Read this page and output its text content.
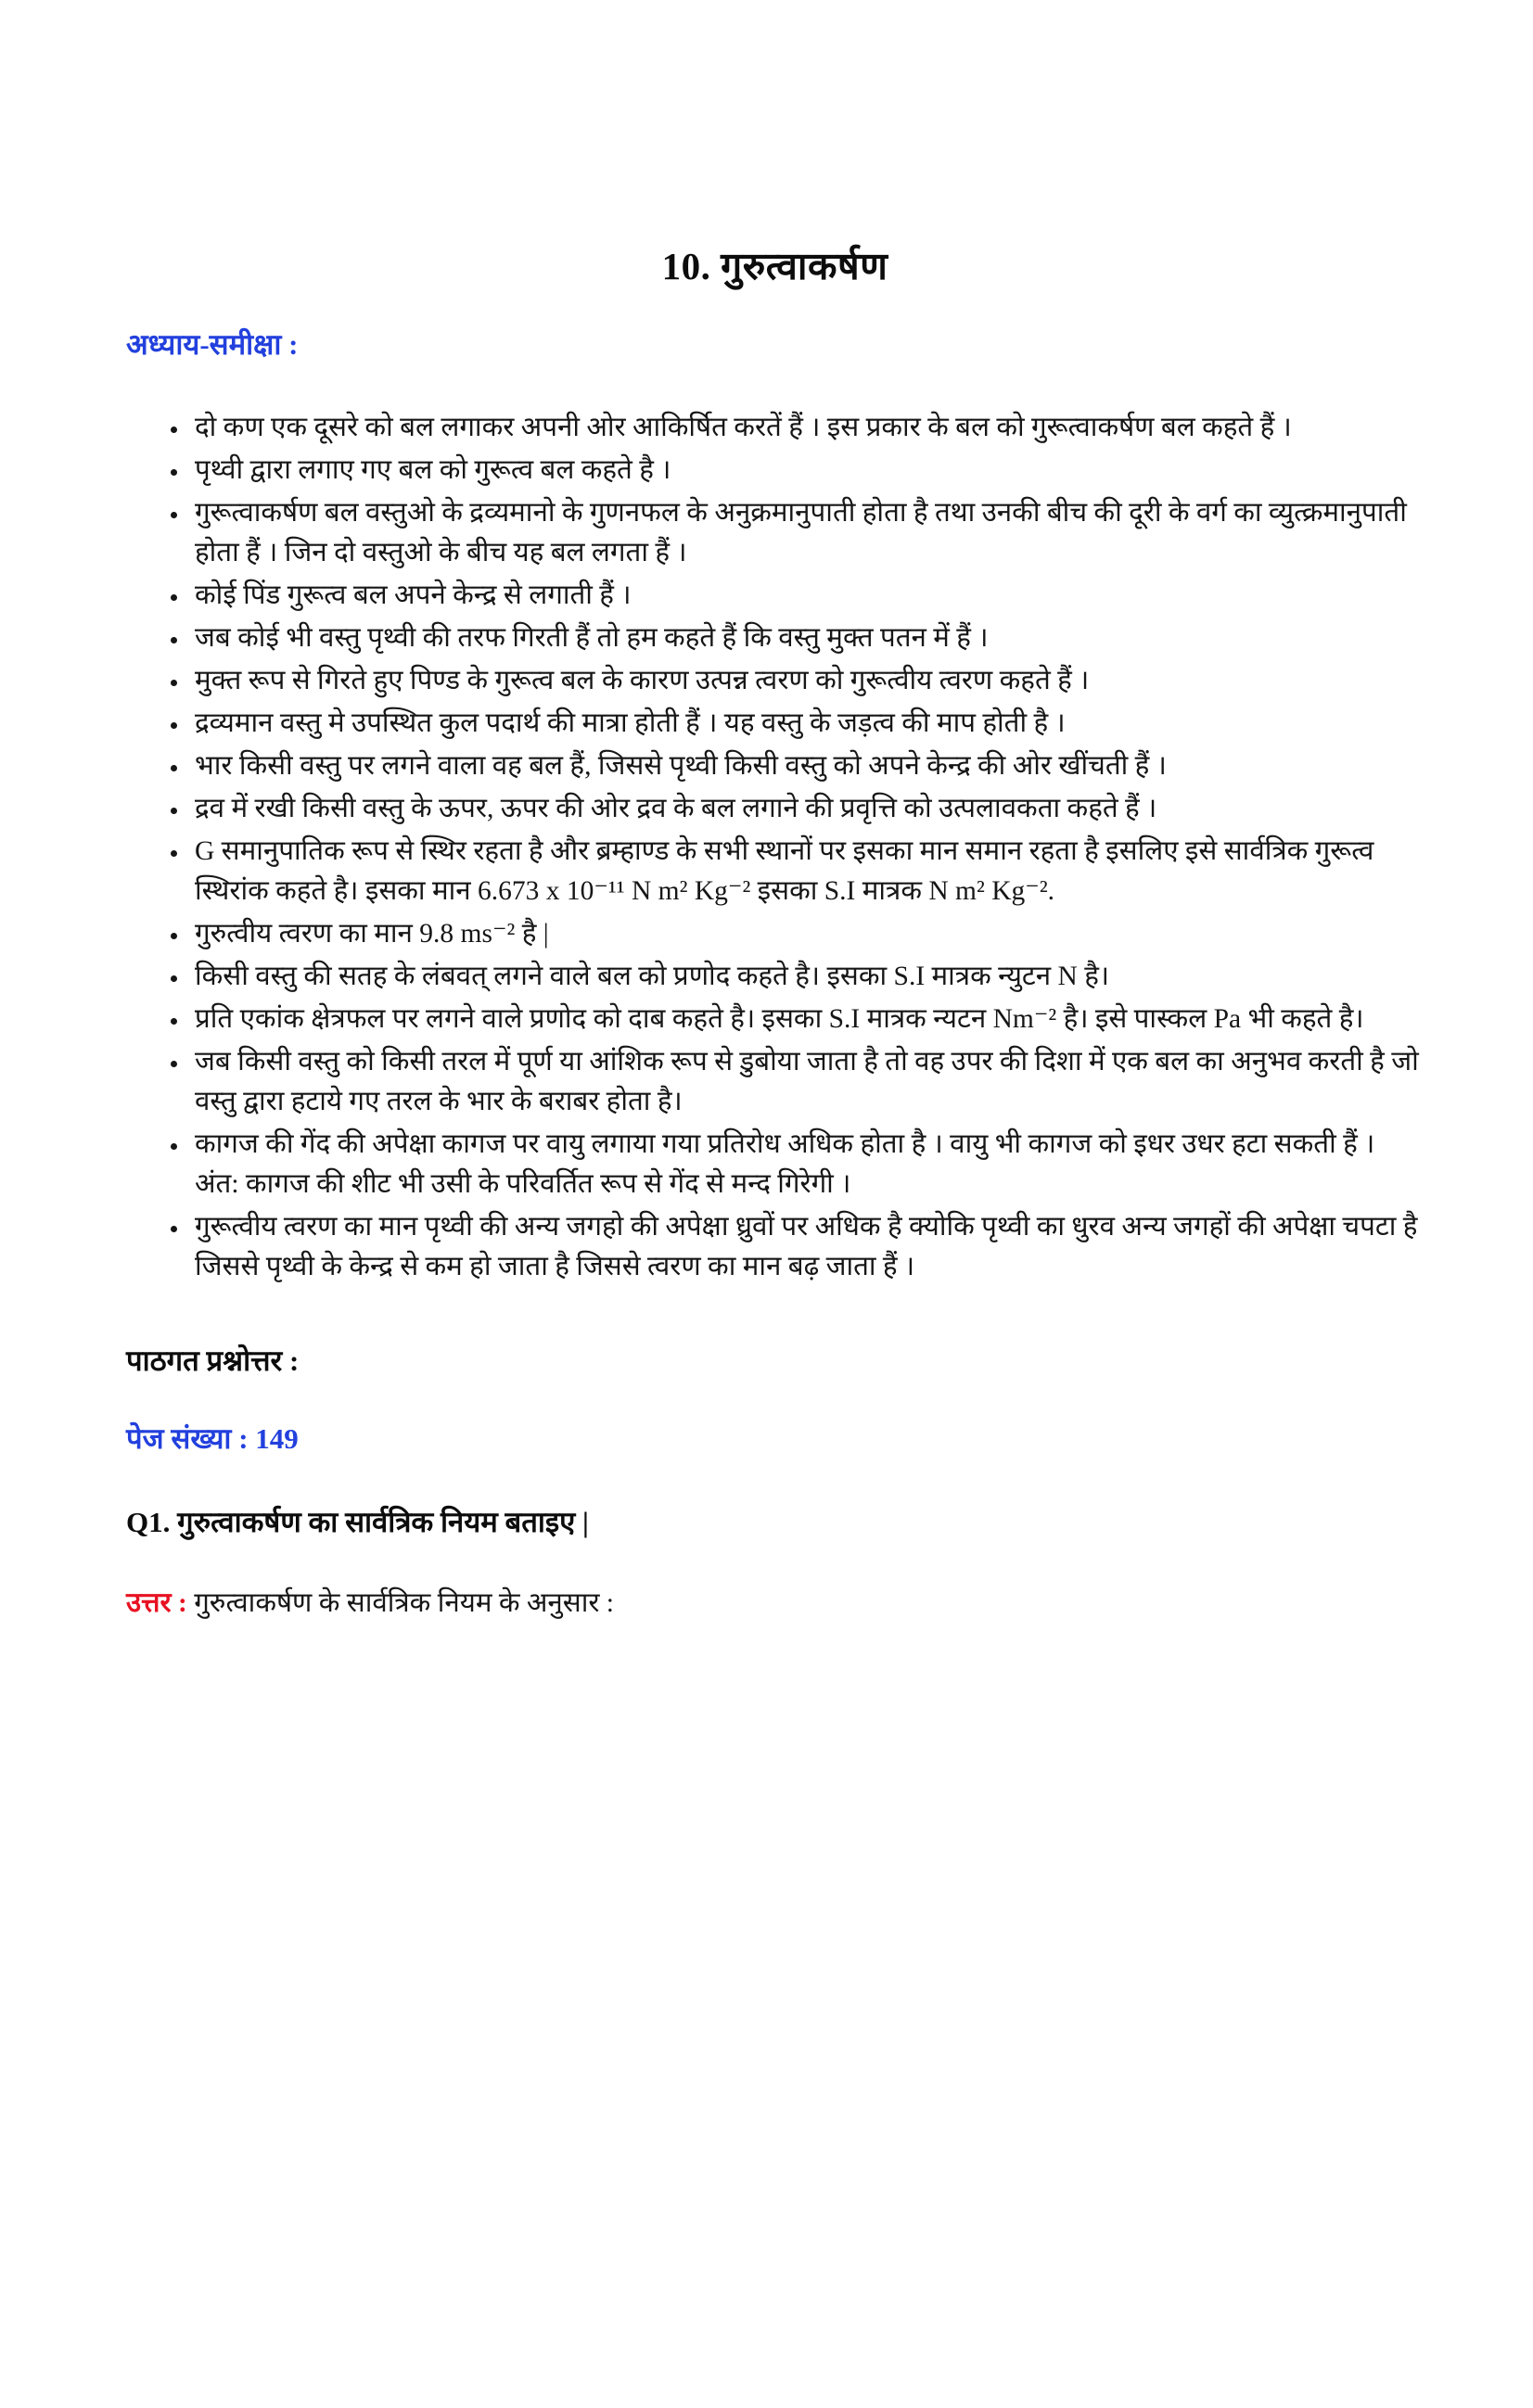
10. गुरुत्वाकर्षण
अध्याय-समीक्षा :
• दो कण एक दूसरे को बल लगाकर अपनी ओर आकिर्षित करतें हैं । इस प्रकार के बल को गुरूत्वाकर्षण बल कहते हैं ।
• पृथ्वी द्वारा लगाए गए बल को गुरूत्व बल कहते है ।
• गुरूत्वाकर्षण बल वस्तुओ के द्रव्यमानो के गुणनफल के अनुक्रमानुपाती होता है तथा उनकी बीच की दूरी के वर्ग का व्युत्क्रमानुपाती होता हैं । जिन दो वस्तुओ के बीच यह बल लगता हैं ।
• कोई पिंड गुरूत्व बल अपने केन्द्र से लगाती हैं ।
• जब कोई भी वस्तु पृथ्वी की तरफ गिरती हैं तो हम कहते हैं कि वस्तु मुक्त पतन में हैं ।
• मुक्त रूप से गिरते हुए पिण्ड के गुरूत्व बल के कारण उत्पन्न त्वरण को गुरूत्वीय त्वरण कहते हैं ।
• द्रव्यमान वस्तु मे उपस्थित कुल पदार्थ की मात्रा होती हैं । यह वस्तु के जड़त्व की माप होती है ।
• भार किसी वस्तु पर लगने वाला वह बल हैं, जिससे पृथ्वी किसी वस्तु को अपने केन्द्र की ओर खींचती हैं ।
• द्रव में रखी किसी वस्तु के ऊपर, ऊपर की ओर द्रव के बल लगाने की प्रवृत्ति को उत्पलावकता कहते हैं ।
• G समानुपातिक रूप से स्थिर रहता है और ब्रम्हाण्ड के सभी स्थानों पर इसका मान समान रहता है इसलिए इसे सार्वत्रिक गुरूत्व स्थिरांक कहते है। इसका मान 6.673 x 10⁻¹¹ N m² Kg⁻² इसका S.I मात्रक N m² Kg⁻².
• गुरुत्वीय त्वरण का मान 9.8 ms⁻² है |
• किसी वस्तु की सतह के लंबवत् लगने वाले बल को प्रणोद कहते है। इसका S.I मात्रक न्युटन N है।
• प्रति एकांक क्षेत्रफल पर लगने वाले प्रणोद को दाब कहते है। इसका S.I मात्रक न्यटन Nm⁻² है। इसे पास्कल Pa भी कहते है।
• जब किसी वस्तु को किसी तरल में पूर्ण या आंशिक रूप से डुबोया जाता है तो वह उपर की दिशा में एक बल का अनुभव करती है जो वस्तु द्वारा हटाये गए तरल के भार के बराबर होता है।
• कागज की गेंद की अपेक्षा कागज पर वायु लगाया गया प्रतिरोध अधिक होता है । वायु भी कागज को इधर उधर हटा सकती हैं । अंत: कागज की शीट भी उसी के परिवर्तित रूप से गेंद से मन्द गिरेगी ।
• गुरूत्वीय त्वरण का मान पृथ्वी की अन्य जगहो की अपेक्षा ध्रुवों पर अधिक है क्योकि पृथ्वी का धुरव अन्य जगहों की अपेक्षा चपटा है जिससे पृथ्वी के केन्द्र से कम हो जाता है जिससे त्वरण का मान बढ़ जाता हैं ।
पाठगत प्रश्नोत्तर :
पेज संख्या : 149

Q1. गुरुत्वाकर्षण का सार्वत्रिक नियम बताइए |

उत्तर : गुरुत्वाकर्षण के सार्वत्रिक नियम के अनुसार :
